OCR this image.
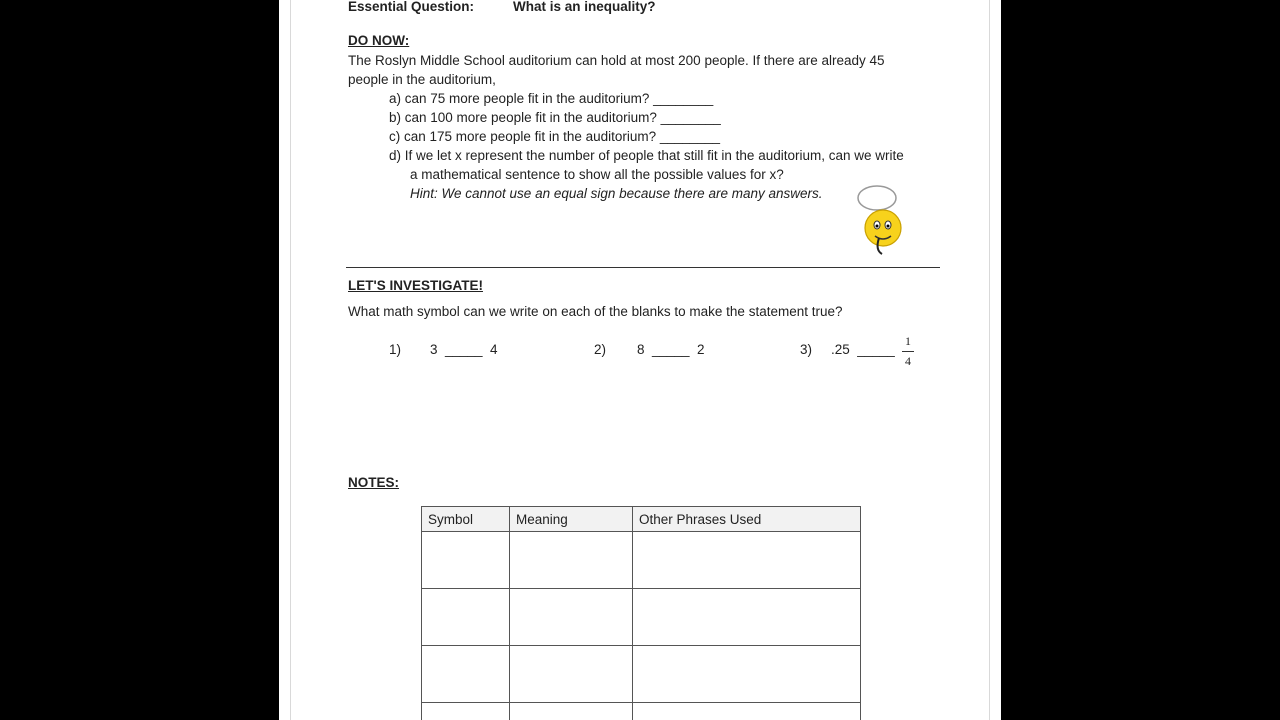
Essential Question:	What is an inequality?
DO NOW:
The Roslyn Middle School auditorium can hold at most 200 people. If there are already 45
people in the auditorium,
a) can 75 more people fit in the auditorium? ________
b) can 100 more people fit in the auditorium? ________
c) can 175 more people fit in the auditorium? ________
d) If we let x represent the number of people that still fit in the auditorium, can we write
a mathematical sentence to show all the possible values for x?
Hint: We cannot use an equal sign because there are many answers.
LET'S INVESTIGATE!
What math symbol can we write on each of the blanks to make the statement true?
1) 3  _____  4	2) 8  _____  2	3) .25  _____
1
4
NOTES:
Symbol	Meaning	Other Phrases Used
